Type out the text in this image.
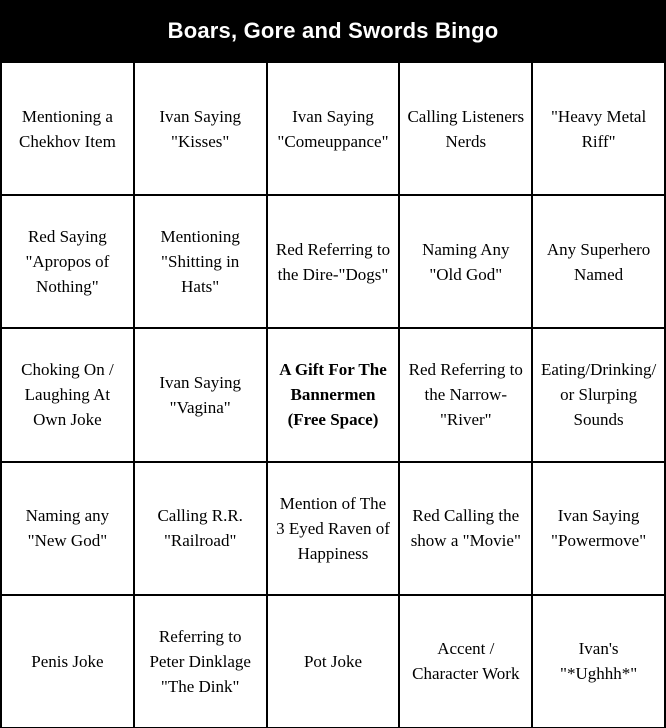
Boars, Gore and Swords Bingo
Mentioning a
Chekhov Item
Ivan Saying
"Kisses"
Ivan Saying
"Comeuppance"
Calling Listeners
Nerds
"Heavy Metal
Riff"
Red Saying
"Apropos of
Nothing"
Mentioning
"Shitting in
Hats"
Red Referring to
the Dire-"Dogs"
Naming Any
"Old God"
Any Superhero
Named
Choking On /
Laughing At
Own Joke
Ivan Saying
"Vagina"
A Gift For The
Bannermen
(Free Space)
Red Referring to
the Narrow-
"River"
Eating/Drinking/
or Slurping
Sounds
Naming any
"New God"
Calling R.R.
"Railroad"
Mention of The
3 Eyed Raven of
Happiness
Red Calling the
show a "Movie"
Ivan Saying
"Powermove"
Penis Joke
Referring to
Peter Dinklage
"The Dink"
Pot Joke
Accent /
Character Work
Ivan's
"*Ughhh*"
